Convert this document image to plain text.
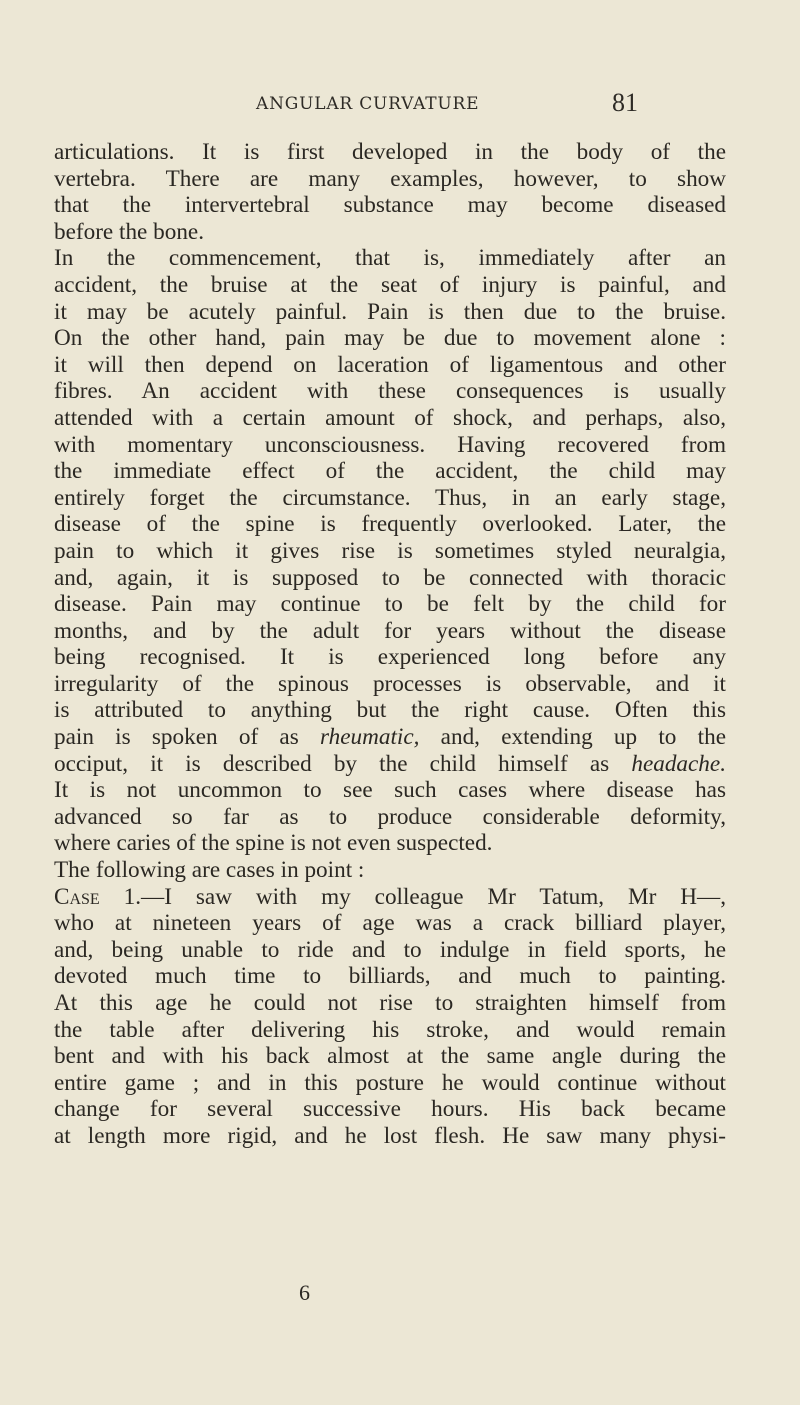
ANGULAR CURVATURE	81
articulations. It is first developed in the body of the
vertebra. There are many examples, however, to show
that the intervertebral substance may become diseased
before the bone.
In the commencement, that is, immediately after an
accident, the bruise at the seat of injury is painful, and
it may be acutely painful. Pain is then due to the bruise.
On the other hand, pain may be due to movement alone :
it will then depend on laceration of ligamentous and other
fibres. An accident with these consequences is usually
attended with a certain amount of shock, and perhaps, also,
with momentary unconsciousness. Having recovered from
the immediate effect of the accident, the child may
entirely forget the circumstance. Thus, in an early stage,
disease of the spine is frequently overlooked. Later, the
pain to which it gives rise is sometimes styled neuralgia,
and, again, it is supposed to be connected with thoracic
disease. Pain may continue to be felt by the child for
months, and by the adult for years without the disease
being recognised. It is experienced long before any
irregularity of the spinous processes is observable, and it
is attributed to anything but the right cause. Often this
pain is spoken of as rheumatic, and, extending up to the
occiput, it is described by the child himself as headache.
It is not uncommon to see such cases where disease has
advanced so far as to produce considerable deformity,
where caries of the spine is not even suspected.
The following are cases in point :
Case 1.—I saw with my colleague Mr Tatum, Mr H—,
who at nineteen years of age was a crack billiard player,
and, being unable to ride and to indulge in field sports, he
devoted much time to billiards, and much to painting.
At this age he could not rise to straighten himself from
the table after delivering his stroke, and would remain
bent and with his back almost at the same angle during the
entire game ; and in this posture he would continue without
change for several successive hours. His back became
at length more rigid, and he lost flesh. He saw many physi-
6
